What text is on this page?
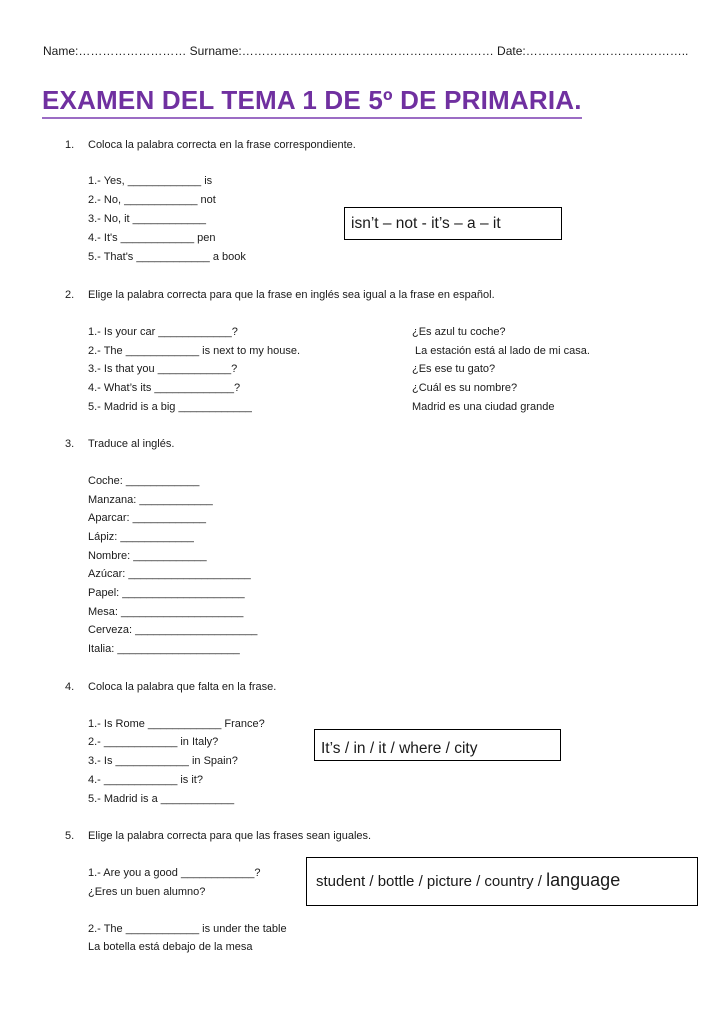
Name:……………………… Surname:……………………………………………………… Date:…………………………………..
EXAMEN DEL TEMA 1 DE 5º DE PRIMARIA.
1. Coloca la palabra correcta en la frase correspondiente.
1.- Yes, ____________ is
2.- No, ____________ not
3.- No, it ____________
4.- It's ____________ pen
5.- That's ____________ a book
isn’t – not - it’s – a – it
2. Elige la palabra correcta para que la frase en inglés sea igual a la frase en español.
1.- Is your car ____________?
2.- The ____________ is next to my house.
3.- Is that you ____________?
4.- What’s its _____________?
5.- Madrid is a big ____________
¿Es azul tu coche?
La estación está al lado de mi casa.
¿Es ese tu gato?
¿Cuál es su nombre?
Madrid es una ciudad grande
3. Traduce al inglés.
Coche: ____________
Manzana: ____________
Aparcar: ____________
Lápiz: ____________
Nombre: ____________
Azúcar: ____________________
Papel: ____________________
Mesa: ____________________
Cerveza: ____________________
Italia: ____________________
4. Coloca la palabra que falta en la frase.
1.- Is Rome ____________ France?
2.- ____________ in Italy?
3.- Is ____________ in Spain?
4.- ____________ is it?
5.- Madrid is a ____________
It’s / in / it / where / city
5. Elige la palabra correcta para que las frases sean iguales.
1.- Are you a good ____________?
¿Eres un buen alumno?
2.- The ____________ is under the table
La botella está debajo de la mesa
student / bottle / picture / country / language
